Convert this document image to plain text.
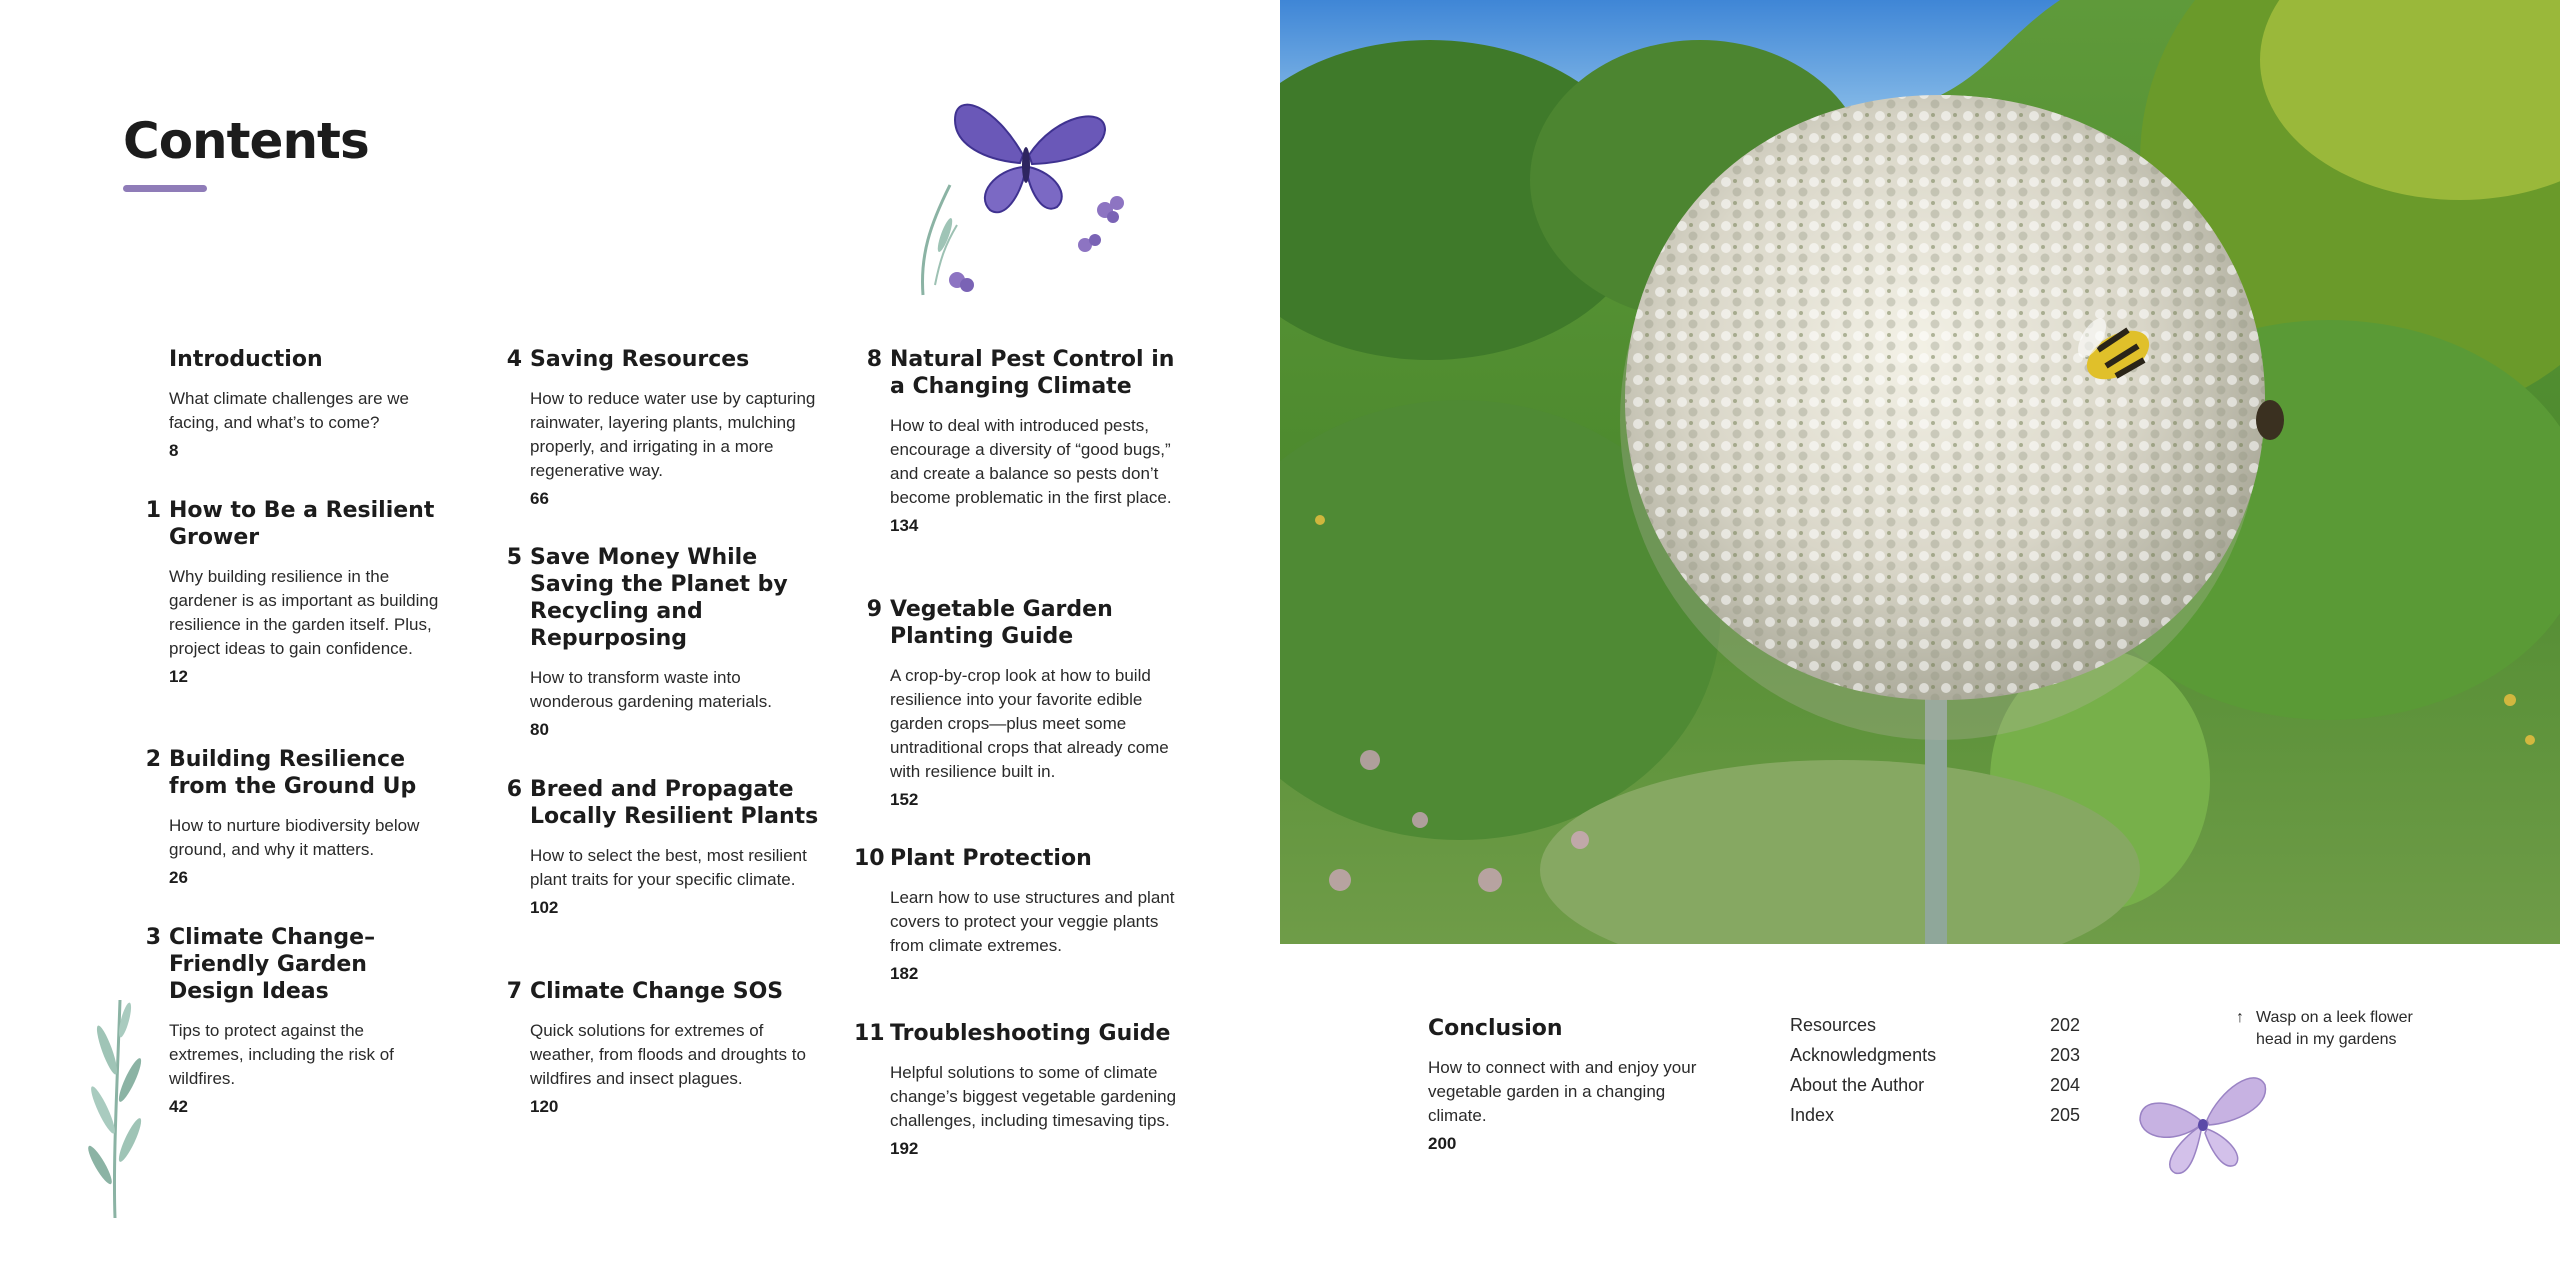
Contents
Introduction

What climate challenges are we facing, and what’s to come?

8
1 How to Be a Resilient Grower

Why building resilience in the gardener is as important as building resilience in the garden itself. Plus, project ideas to gain confidence.

12
2 Building Resilience from the Ground Up

How to nurture biodiversity below ground, and why it matters.

26
3 Climate Change–Friendly Garden Design Ideas

Tips to protect against the extremes, including the risk of wildfires.

42
4 Saving Resources

How to reduce water use by capturing rainwater, layering plants, mulching properly, and irrigating in a more regenerative way.

66
5 Save Money While Saving the Planet by Recycling and Repurposing

How to transform waste into wonderous gardening materials.

80
6 Breed and Propagate Locally Resilient Plants

How to select the best, most resilient plant traits for your specific climate.

102
7 Climate Change SOS

Quick solutions for extremes of weather, from floods and droughts to wildfires and insect plagues.

120
8 Natural Pest Control in a Changing Climate

How to deal with introduced pests, encourage a diversity of “good bugs,” and create a balance so pests don’t become problematic in the first place.

134
9 Vegetable Garden Planting Guide

A crop-by-crop look at how to build resilience into your favorite edible garden crops—plus meet some untraditional crops that already come with resilience built in.

152
10 Plant Protection

Learn how to use structures and plant covers to protect your veggie plants from climate extremes.

182
11 Troubleshooting Guide

Helpful solutions to some of climate change’s biggest vegetable gardening challenges, including timesaving tips.

192
Conclusion

How to connect with and enjoy your vegetable garden in a changing climate.

200
Resources	202
Acknowledgments	203
About the Author	204
Index	205
↑ Wasp on a leek flower head in my gardens
